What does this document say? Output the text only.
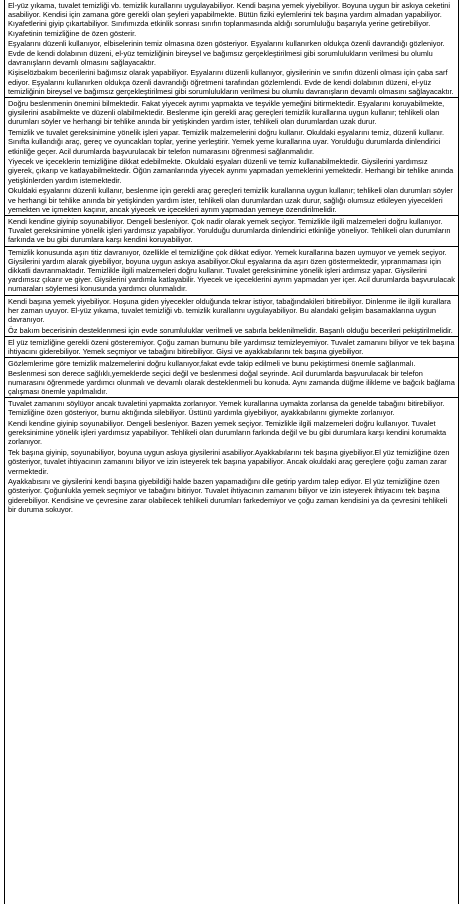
El-yüz yıkama, tuvalet temizliği vb. temizlik kurallarını uygulayabiliyor. Kendi başına yemek yiyebiliyor. Boyuna uygun bir askıya ceketini asabiliyor. Kendisi için zamana göre gerekli olan şeyleri yapabilmekte. Bütün fiziki eylemlerini tek başına yardım almadan yapabiliyor. Kıyafetlerini giyip çıkartabiliyor. Sınıfımızda etkinlik sonrası sınıfın toplanmasında aldığı sorumluluğu başarıyla yerine getirebiliyor. Kıyafetinin temizliğine de özen gösterir.

Eşyalarını düzenli kullanıyor, elbiselerinin temiz olmasına özen gösteriyor. Eşyalarını kullanırken oldukça özenli davrandığı gözleniyor. Evde de kendi dolabının düzeni, el-yüz temizliğinin bireysel ve bağımsız gerçekleştirilmesi gibi sorumlulukların verilmesi bu olumlu davranışların devamlı olmasını sağlayacaktır.

Kişiselözbakım becerilerini bağımsız olarak yapabiliyor. Eşyalarını düzenli kullanıyor, giysilerinin ve sınıfın düzenli olması için çaba sarf ediyor. Eşyalarını kullanırken oldukça özenli davrandığı öğretmeni tarafından gözlemlendi. Evde de kendi dolabının düzeni, el-yüz temizliğinin bireysel ve bağımsız gerçekleştirilmesi gibi sorumlulukların verilmesi bu olumlu davranışların devamlı olmasını sağlayacaktır.

Doğru beslenmenin önemini bilmektedir. Fakat yiyecek ayrımı yapmakta ve teşvikle yemeğini bitirmektedir. Eşyalarını koruyabilmekte, giysilerini asabilmekte ve düzenli olabilmektedir. Beslenme için gerekli araç gereçleri temizlik kurallarına uygun kullanır; tehlikeli olan durumları söyler ve herhangi bir tehlike anında bir yetişkinden yardım ister, tehlikeli olan durumlardan uzak durur.

Temizlik ve tuvalet gereksinimine yönelik işleri yapar. Temizlik malzemelerini doğru kullanır. Okuldaki eşyalarını temiz, düzenli kullanır. Sınıfta kullandığı araç, gereç ve oyuncakları toplar, yerine yerleştirir. Yemek yeme kurallarına uyar. Yorulduğu durumlarda dinlendirici etkinliğe geçer. Acil durumlarda başvurulacak bir telefon numarasını öğrenmesi sağlanmalıdır.

Yiyecek ve içeceklerin temizliğine dikkat edebilmekte. Okuldaki eşyaları düzenli ve temiz kullanabilmektedir. Giysilerini yardımsız giyerek, çıkarıp ve katlayabilmektedir. Öğün zamanlarında yiyecek ayrımı yapmadan yemeklerini yemektedir. Herhangi bir tehlike anında yetişkinlerden yardım istemektedir.

Okuldaki eşyalarını düzenli kullanır, beslenme için gerekli araç gereçleri temizlik kurallarına uygun kullanır; tehlikeli olan durumları söyler ve herhangi bir tehlike anında bir yetişkinden yardım ister, tehlikeli olan durumlardan uzak durur, sağlığı olumsuz etkileyen yiyecekleri yemekten ve içmekten kaçınır, ancak yiyecek ve içecekleri ayrım yapmadan yemeye özendirilmelidir.

Kendi kendine giyinip soyunabiliyor. Dengeli besleniyor. Çok nadir olarak yemek seçiyor. Temizlikle ilgili malzemeleri doğru kullanıyor. Tuvalet gereksinimine yönelik işleri yardımsız yapabiliyor. Yorulduğu durumlarda dinlendirici etkinliğe yöneliyor. Tehlikeli olan durumların farkında ve bu gibi durumlara karşı kendini koruyabiliyor.

Temizlik konusunda aşırı titiz davranıyor, özellikle el temizliğine çok dikkat ediyor. Yemek kurallarına bazen uymuyor ve yemek seçiyor. Giysilerini yardım alarak giyebiliyor, boyuna uygun askıya asabiliyor.Okul eşyalarına da aşırı özen göstermektedir, yıpranmaması için dikkatli davranmaktadır. Temizlikle ilgili malzemeleri doğru kullanır. Tuvalet gereksinimine yönelik işleri ardımsız yapar. Giysilerini yardımsız çıkarır ve giyer. Giysilerini yardımla katlayabilir. Yiyecek ve içeceklerini ayrım yapmadan yer içer. Acil durumlarda başvurulacak numaraları söylemesi konusunda yardımcı olunmalıdır.

Kendi başına yemek yiyebiliyor. Hoşuna giden yiyecekler olduğunda tekrar istiyor, tabağındakileri bitirebiliyor. Dinlenme ile ilgili kurallara her zaman uyuyor. El-yüz yıkama, tuvalet temizliği vb. temizlik kurallarını uygulayabiliyor. Bu alandaki gelişim basamaklarına uygun davranıyor.

Öz bakım becerisinin desteklenmesi için evde sorumluluklar verilmeli ve sabırla beklenilmelidir. Başarılı olduğu becerileri pekiştirilmelidir.

El yüz temizliğine gerekli özeni gösteremiyor. Çoğu zaman burnunu bile yardımsız temizleyemiyor. Tuvalet zamanını biliyor ve tek başına ihtiyacını giderebiliyor. Yemek seçmiyor ve tabağını bitirebiliyor. Giysi ve ayakkabılarını tek başına giyebiliyor.

Gözlemlerime göre temizlik malzemelerini doğru kullanıyor,fakat evde takip edilmeli ve bunu pekiştirmesi önemle sağlanmalı. Beslenmesi son derece sağlıklı,yemeklerde seçici değil ve beslenmesi doğal seyrinde. Acil durumlarda başvurulacak bir telefon numarasını öğrenmede yardımcı olunmalı ve devamlı olarak desteklenmeli bu konuda. Aynı zamanda düğme ilikleme ve bağcık bağlama çalışması önemle yapılmalıdır.

Tuvalet zamanını söylüyor ancak tuvaletini yapmakta zorlanıyor. Yemek kurallarına uymakta zorlansa da genelde tabağını bitirebiliyor. Temizliğine özen gösteriyor, burnu aktığında silebiliyor. Üstünü yardımla giyebiliyor, ayakkabılarını giymekte zorlanıyor.

Kendi kendine giyinip soyunabiliyor. Dengeli besleniyor. Bazen yemek seçiyor. Temizlikle ilgili malzemeleri doğru kullanıyor. Tuvalet gereksinimine yönelik işleri yardımsız yapabiliyor. Tehlikeli olan durumların farkında değil ve bu gibi durumlara karşı kendini korumakta zorlanıyor.

Tek başına giyinip, soyunabiliyor, boyuna uygun askıya giysilerini asabiliyor.Ayakkabılarını tek başına giyebiliyor.El yüz temizliğine özen gösteriyor, tuvalet ihtiyacının zamanını biliyor ve izin isteyerek tek başına yapabiliyor. Ancak okuldaki araç gereçlere çoğu zaman zarar vermektedir.

Ayakkabısını ve giysilerini kendi başına giyebildiği halde bazen yapamadığını dile getirip yardım talep ediyor. El yüz temizliğine özen gösteriyor. Çoğunlukla yemek seçmiyor ve tabağını bitiriyor. Tuvalet ihtiyacının zamanını biliyor ve izin isteyerek ihtiyacını tek başına giderebiliyor. Kendisine ve çevresine zarar olabilecek tehlikeli durumları farkedemiyor ve çoğu zaman kendisini ya da çevresini tehlikeli bir duruma sokuyor.
